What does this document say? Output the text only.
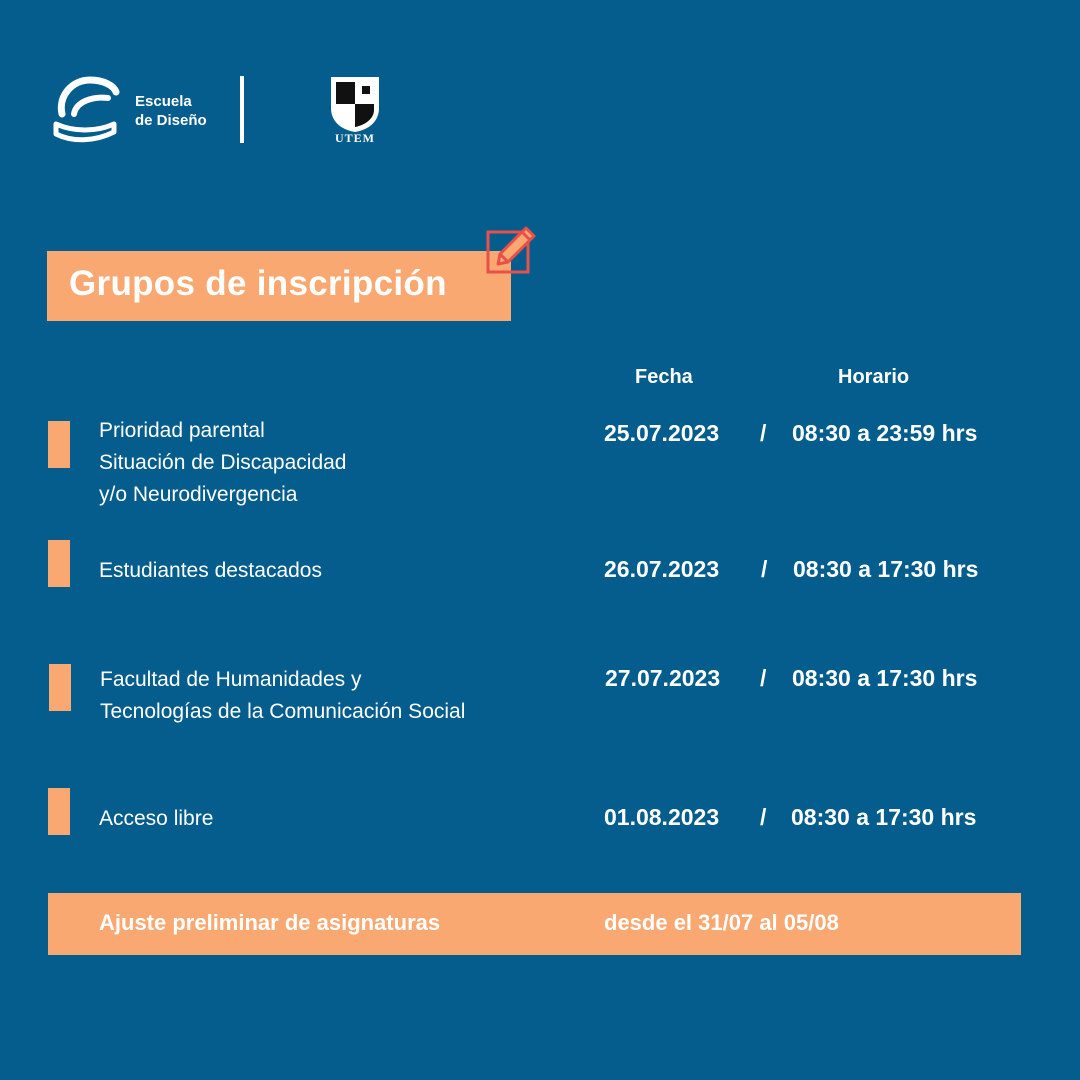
Escuela
de Diseño
UTEM
Grupos de inscripción
Fecha	Horario
Prioridad parental
Situación de Discapacidad
y/o Neurodivergencia
25.07.2023 / 08:30 a 23:59 hrs
Estudiantes destacados	26.07.2023 / 08:30 a 17:30 hrs
Facultad de Humanidades y
Tecnologías de la Comunicación Social
27.07.2023 / 08:30 a 17:30 hrs
Acceso libre	01.08.2023 / 08:30 a 17:30 hrs
Ajuste preliminar de asignaturas	desde el 31/07 al 05/08
